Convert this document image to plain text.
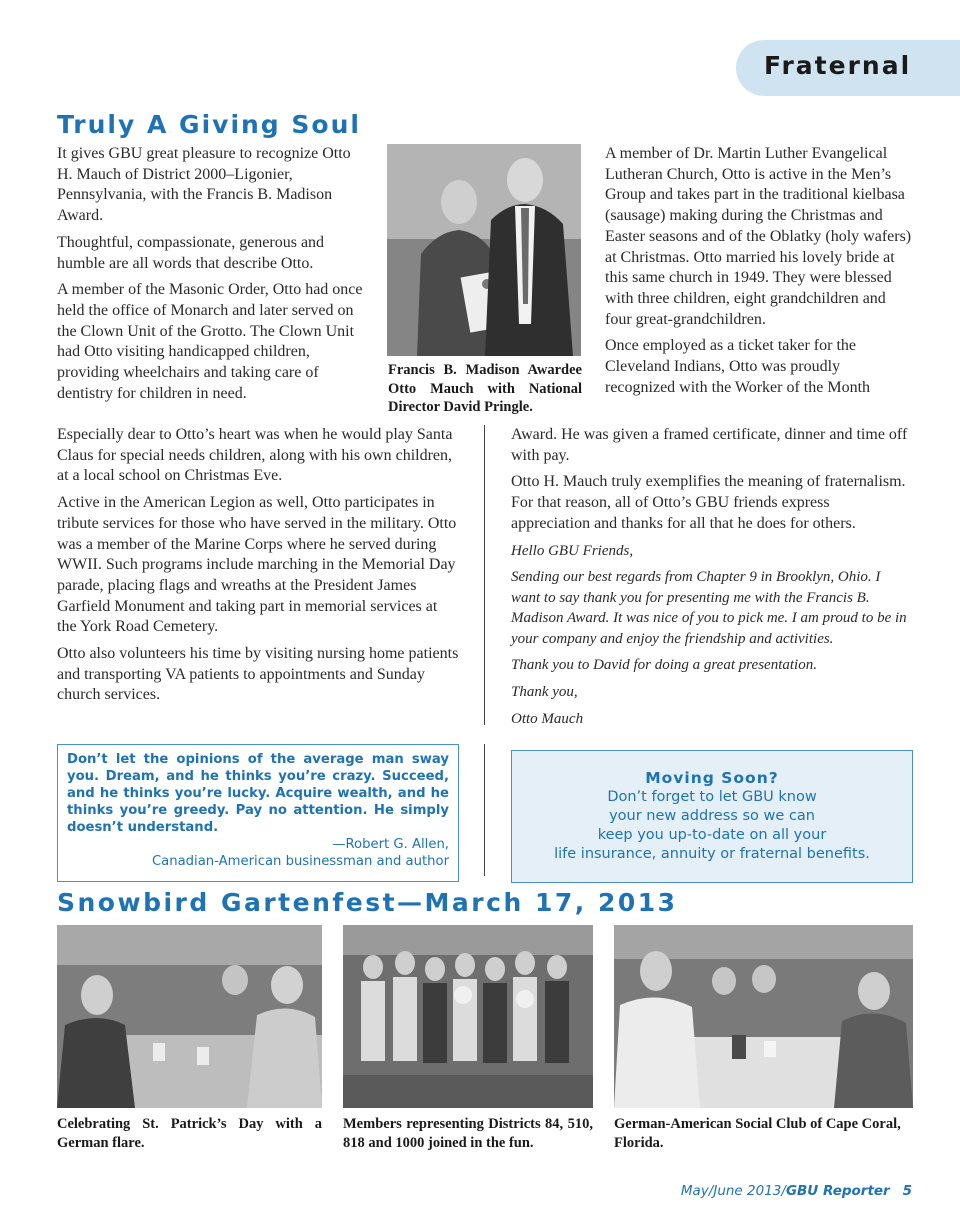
Fraternal
Truly A Giving Soul

It gives GBU great pleasure to recognize Otto H. Mauch of District 2000–Ligonier, Pennsylvania, with the Francis B. Madison Award.

Thoughtful, compassionate, generous and humble are all words that describe Otto.

A member of the Masonic Order, Otto had once held the office of Monarch and later served on the Clown Unit of the Grotto. The Clown Unit had Otto visiting handicapped children, providing wheelchairs and taking care of dentistry for children in need.

Especially dear to Otto’s heart was when he would play Santa Claus for special needs children, along with his own children, at a local school on Christmas Eve.

Active in the American Legion as well, Otto participates in tribute services for those who have served in the military. Otto was a member of the Marine Corps where he served during WWII. Such programs include marching in the Memorial Day parade, placing flags and wreaths at the President James Garfield Monument and taking part in memorial services at the York Road Cemetery.

Otto also volunteers his time by visiting nursing home patients and transporting VA patients to appointments and Sunday church services.

Francis B. Madison Awardee Otto Mauch with National Director David Pringle.

A member of Dr. Martin Luther Evangelical Lutheran Church, Otto is active in the Men’s Group and takes part in the traditional kielbasa (sausage) making during the Christmas and Easter seasons and of the Oblatky (holy wafers) at Christmas. Otto married his lovely bride at this same church in 1949. They were blessed with three children, eight grandchildren and four great-grandchildren.

Once employed as a ticket taker for the Cleveland Indians, Otto was proudly recognized with the Worker of the Month

Award. He was given a framed certificate, dinner and time off with pay.

Otto H. Mauch truly exemplifies the meaning of fraternalism. For that reason, all of Otto’s GBU friends express appreciation and thanks for all that he does for others.

Hello GBU Friends,

Sending our best regards from Chapter 9 in Brooklyn, Ohio. I want to say thank you for presenting me with the Francis B. Madison Award. It was nice of you to pick me. I am proud to be in your company and enjoy the friendship and activities.

Thank you to David for doing a great presentation.

Thank you,

Otto Mauch

Don’t let the opinions of the average man sway you. Dream, and he thinks you’re crazy. Succeed, and he thinks you’re lucky. Acquire wealth, and he thinks you’re greedy. Pay no attention. He simply doesn’t understand.
—Robert G. Allen,
Canadian-American businessman and author
Moving Soon?
Don’t forget to let GBU know
your new address so we can
keep you up-to-date on all your
life insurance, annuity or fraternal benefits.
Snowbird Gartenfest—March 17, 2013
Celebrating St. Patrick’s Day with a German flare.
Members representing Districts 84, 510, 818 and 1000 joined in the fun.
German-American Social Club of Cape Coral, Florida.
May/June 2013/GBU Reporter 5
